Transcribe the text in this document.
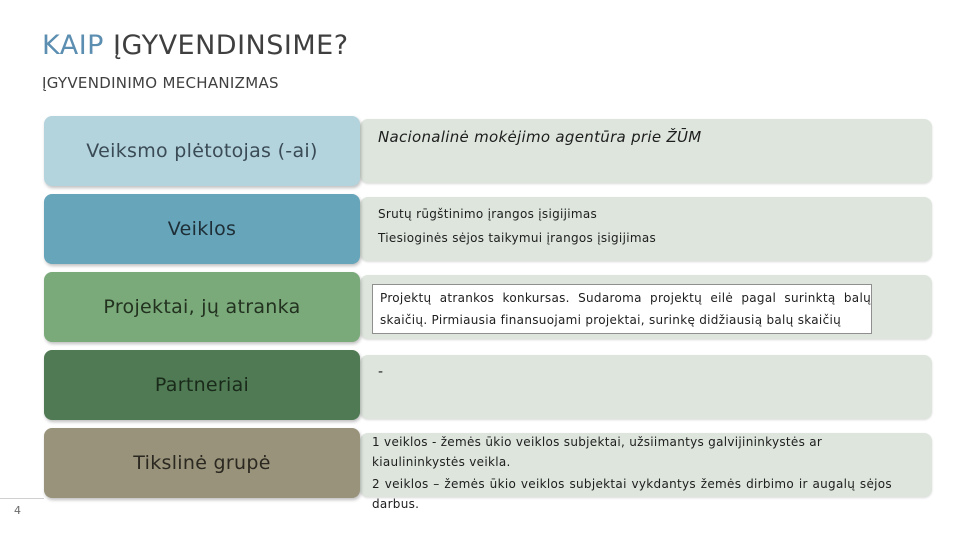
KAIP ĮGYVENDINSIME?
ĮGYVENDINIMO MECHANIZMAS
Veiksmo plėtotojas (-ai)
Veiklos
Projektai, jų atranka
Partneriai
Tikslinė grupė
Nacionalinė mokėjimo agentūra prie ŽŪM
Srutų rūgštinimo įrangos įsigijimas
Tiesioginės sėjos taikymui įrangos įsigijimas
Projektų atrankos konkursas. Sudaroma projektų eilė pagal surinktą balų skaičių. Pirmiausia finansuojami projektai, surinkę didžiausią balų skaičių
-
1 veiklos - žemės ūkio veiklos subjektai, užsiimantys galvijininkystės ar kiaulininkystės veikla.
2 veiklos – žemės ūkio veiklos subjektai vykdantys žemės dirbimo ir augalų sėjos darbus.
4
